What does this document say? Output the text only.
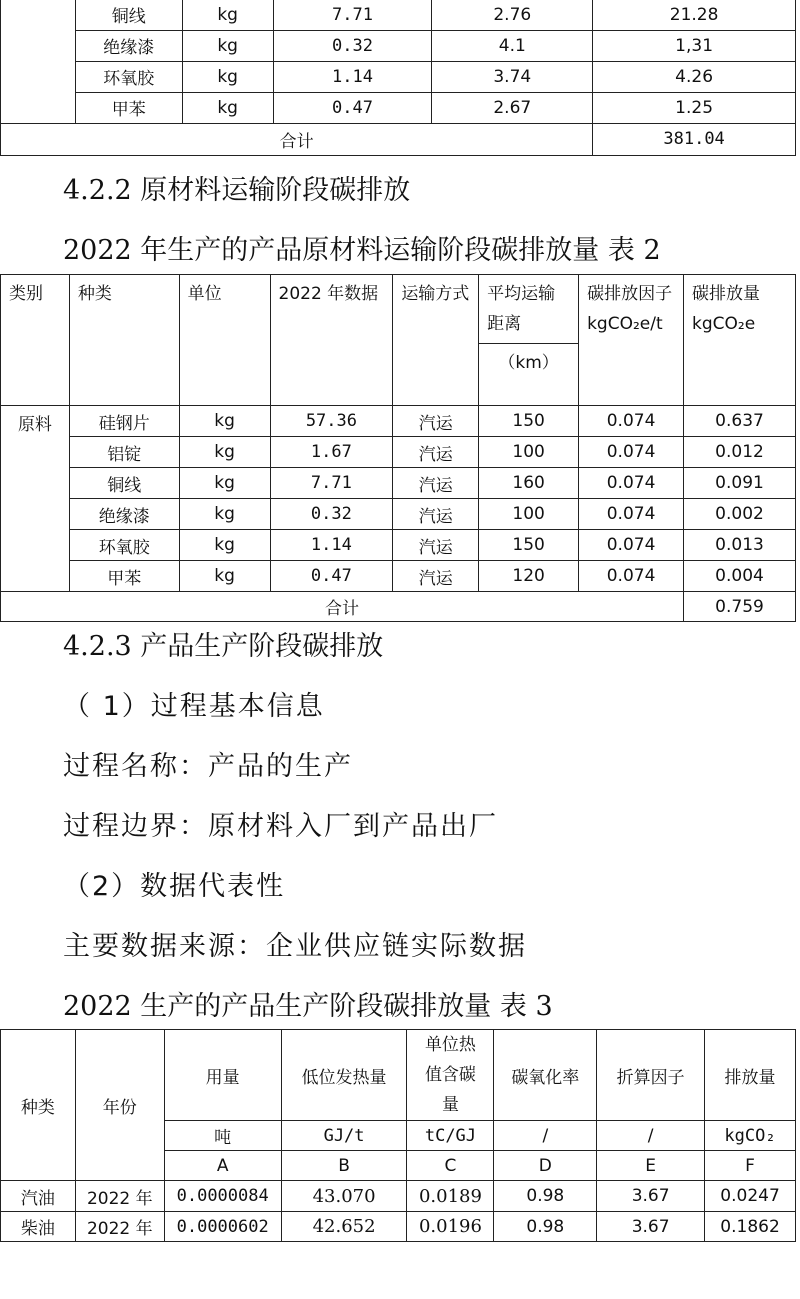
	铜线	kg	7.71	2.76	21.28
	绝缘漆	kg	0.32	4.1	1,31
	环氧胶	kg	1.14	3.74	4.26
	甲苯	kg	0.47	2.67	1.25
合计					381.04
4.2.2 原材料运输阶段碳排放
2022 年生产的产品原材料运输阶段碳排放量 表 2
类别	种类	单位	2022 年数据	运输方式	平均运输距离	碳排放因子 kgCO₂e/t	碳排放量 kgCO₂e
					（km）		
原料	硅钢片	kg	57.36	汽运	150	0.074	0.637
	铝锭	kg	1.67	汽运	100	0.074	0.012
	铜线	kg	7.71	汽运	160	0.074	0.091
	绝缘漆	kg	0.32	汽运	100	0.074	0.002
	环氧胶	kg	1.14	汽运	150	0.074	0.013
	甲苯	kg	0.47	汽运	120	0.074	0.004
合计							0.759
4.2.3 产品生产阶段碳排放
（ 1）过程基本信息
过程名称：产品的生产
过程边界：原材料入厂到产品出厂
（2）数据代表性
主要数据来源：企业供应链实际数据
2022 生产的产品生产阶段碳排放量 表 3
种类	年份	用量	低位发热量	单位热值含碳量	碳氧化率	折算因子	排放量
		吨	GJ/t	tC/GJ	/	/	kgCO₂
		A	B	C	D	E	F
汽油	2022 年	0.0000084	43.070	0.0189	0.98	3.67	0.0247
柴油	2022 年	0.0000602	42.652	0.0196	0.98	3.67	0.1862
